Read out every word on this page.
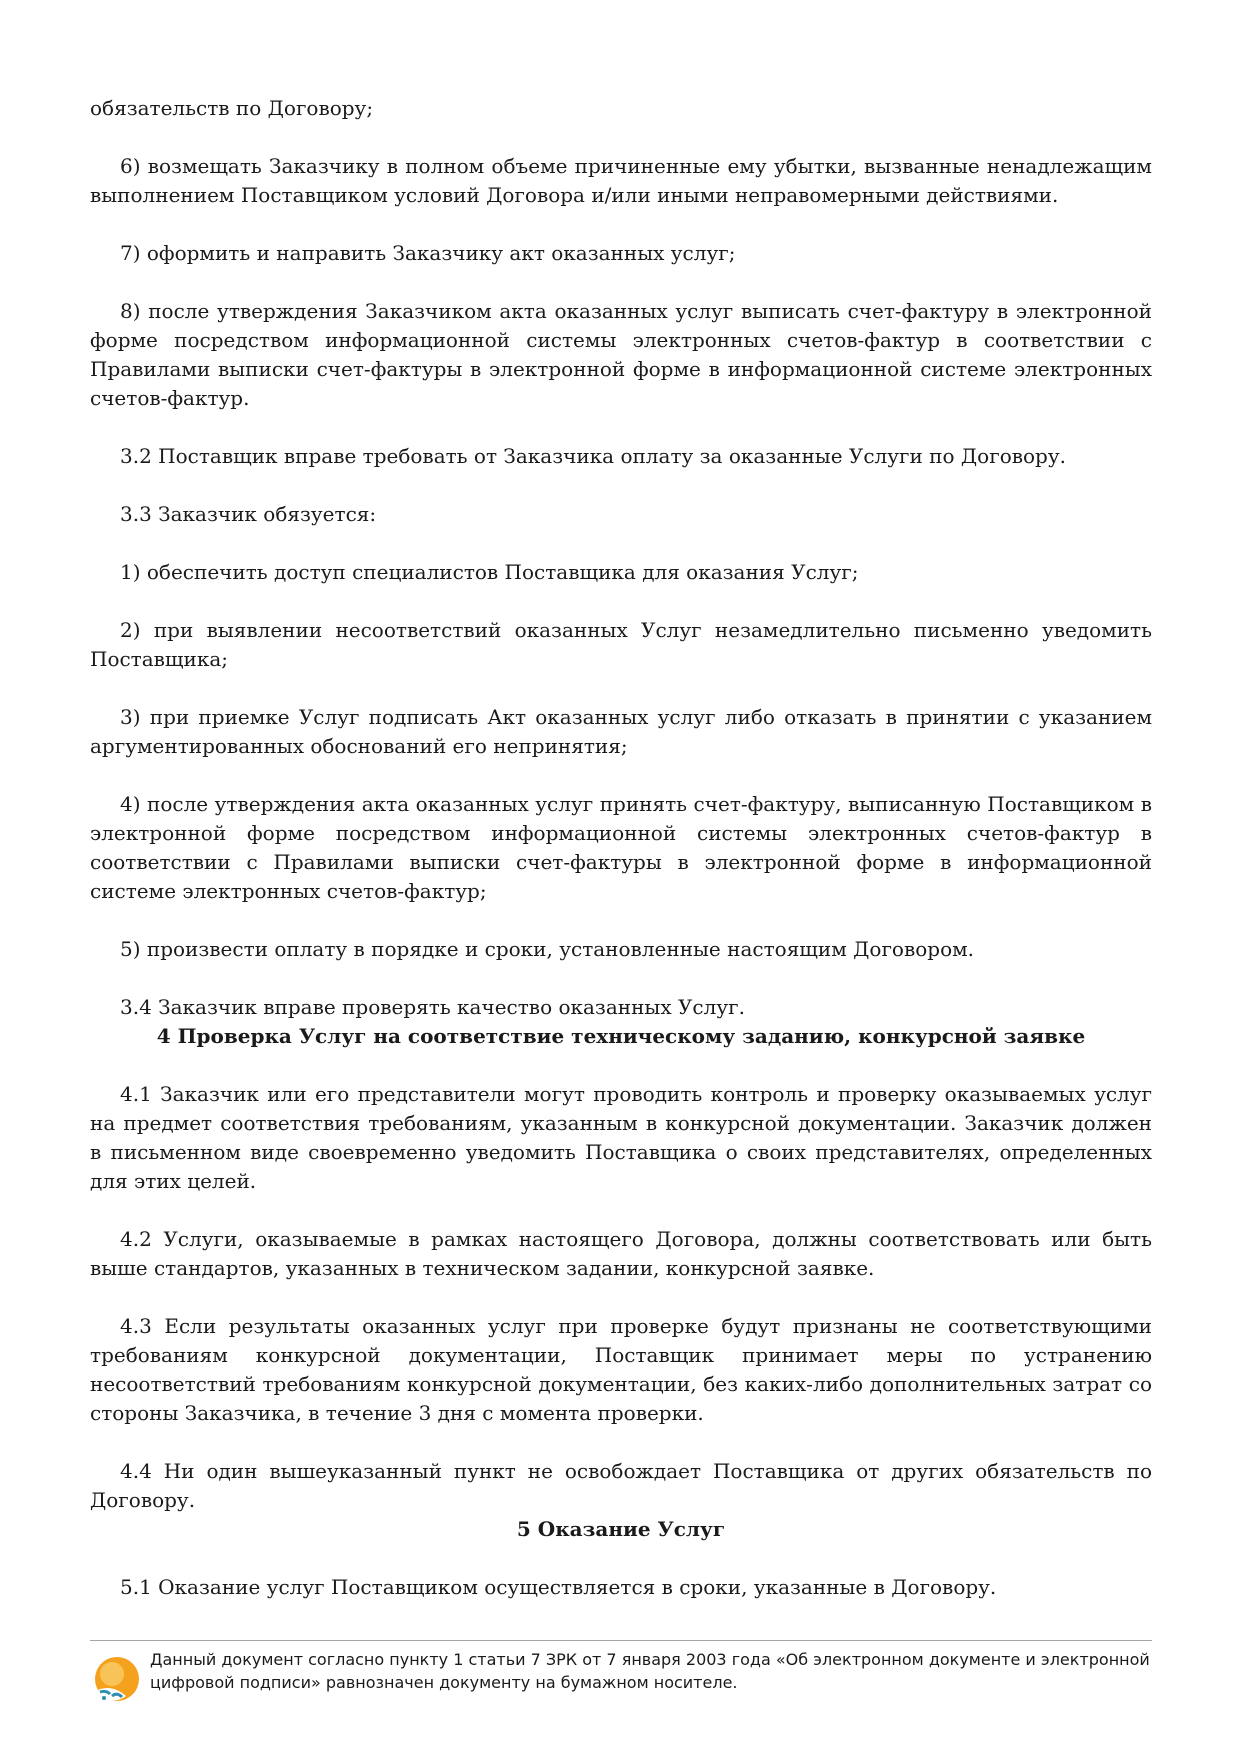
обязательств по Договору;

6) возмещать Заказчику в полном объеме причиненные ему убытки, вызванные ненадлежащим выполнением Поставщиком условий Договора и/или иными неправомерными действиями.

7) оформить и направить Заказчику акт оказанных услуг;

8) после утверждения Заказчиком акта оказанных услуг выписать счет-фактуру в электронной форме посредством информационной системы электронных счетов-фактур в соответствии с Правилами выписки счет-фактуры в электронной форме в информационной системе электронных счетов-фактур.

3.2 Поставщик вправе требовать от Заказчика оплату за оказанные Услуги по Договору.

3.3 Заказчик обязуется:

1) обеспечить доступ специалистов Поставщика для оказания Услуг;

2) при выявлении несоответствий оказанных Услуг незамедлительно письменно уведомить Поставщика;

3) при приемке Услуг подписать Акт оказанных услуг либо отказать в принятии с указанием аргументированных обоснований его непринятия;

4) после утверждения акта оказанных услуг принять счет-фактуру, выписанную Поставщиком в электронной форме посредством информационной системы электронных счетов-фактур в соответствии с Правилами выписки счет-фактуры в электронной форме в информационной системе электронных счетов-фактур;

5) произвести оплату в порядке и сроки, установленные настоящим Договором.

3.4 Заказчик вправе проверять качество оказанных Услуг.

4 Проверка Услуг на соответствие техническому заданию, конкурсной заявке

4.1 Заказчик или его представители могут проводить контроль и проверку оказываемых услуг на предмет соответствия требованиям, указанным в конкурсной документации. Заказчик должен в письменном виде своевременно уведомить Поставщика о своих представителях, определенных для этих целей.

4.2 Услуги, оказываемые в рамках настоящего Договора, должны соответствовать или быть выше стандартов, указанных в техническом задании, конкурсной заявке.

4.3 Если результаты оказанных услуг при проверке будут признаны не соответствующими требованиям конкурсной документации, Поставщик принимает меры по устранению несоответствий требованиям конкурсной документации, без каких-либо дополнительных затрат со стороны Заказчика, в течение 3 дня с момента проверки.

4.4 Ни один вышеуказанный пункт не освобождает Поставщика от других обязательств по Договору.

5 Оказание Услуг

5.1 Оказание услуг Поставщиком осуществляется в сроки, указанные в Договору.

Данный документ согласно пункту 1 статьи 7 ЗРК от 7 января 2003 года «Об электронном документе и электронной цифровой подписи» равнозначен документу на бумажном носителе.
